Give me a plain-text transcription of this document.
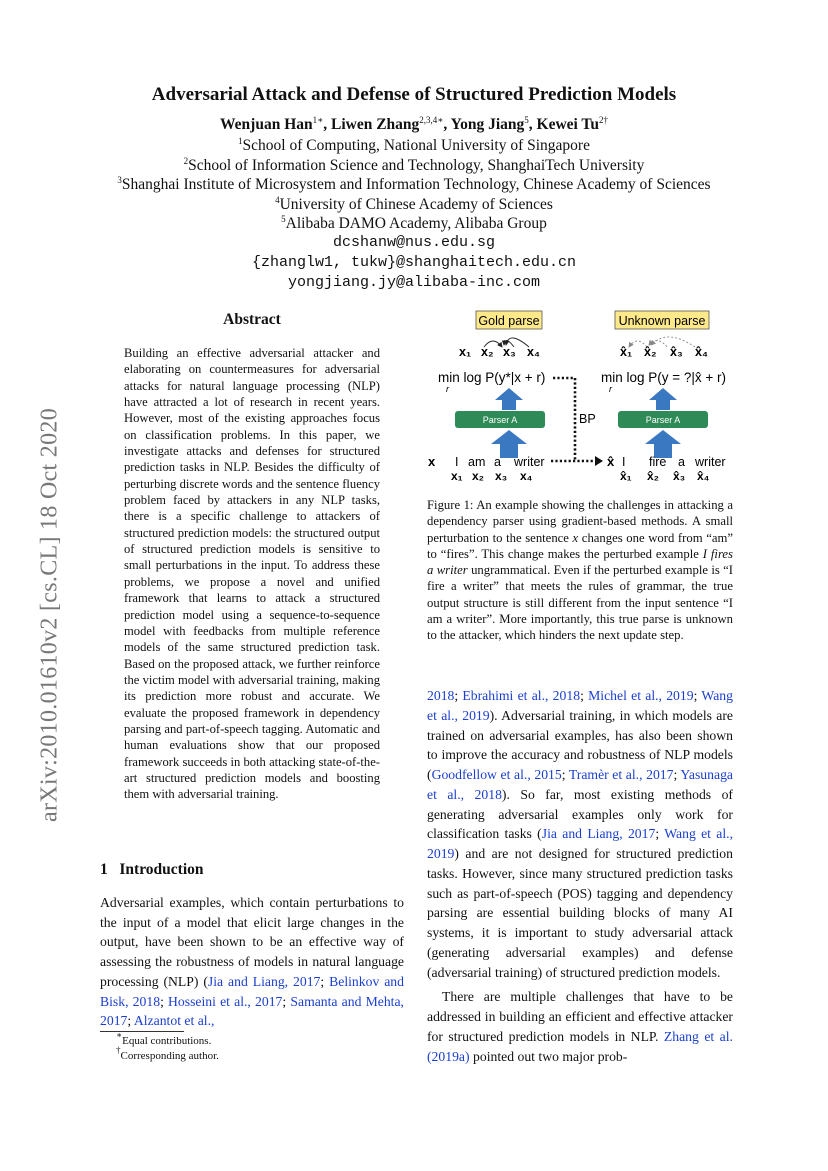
Adversarial Attack and Defense of Structured Prediction Models
Wenjuan Han$^{1∗}$, Liwen Zhang$^{2,3,4∗}$, Yong Jiang$^5$, Kewei $Tu^{2\dagger}$
$^1$School of Computing, National University of Singapore
$^2$School of Information Science and Technology, ShanghaiTech University
$^3$Shanghai Institute of Microsystem and Information Technology, Chinese Academy of Sciences
$^4$University of Chinese Academy of Sciences
$^5$Alibaba DAMO Academy, Alibaba Group
dcshanw@nus.edu.sg
{zhanglw1, tukw}@shanghaitech.edu.cn
yongjiang.jy@alibaba-inc.com
arXiv:2010.01610v2 [cs.CL] 18 Oct 2020
Abstract
Building an effective adversarial attacker and elaborating on countermeasures for adversarial attacks for natural language processing (NLP) have attracted a lot of research in recent years. However, most of the existing approaches focus on classification problems. In this paper, we investigate attacks and defenses for structured prediction tasks in NLP. Besides the difficulty of perturbing discrete words and the sentence fluency problem faced by attackers in any NLP tasks, there is a specific challenge to attackers of structured prediction models: the structured output of structured prediction models is sensitive to small perturbations in the input. To address these problems, we propose a novel and unified framework that learns to attack a structured prediction model using a sequence-to-sequence model with feedbacks from multiple reference models of the same structured prediction task. Based on the proposed attack, we further reinforce the victim model with adversarial training, making its prediction more robust and accurate. We evaluate the proposed framework in dependency parsing and part-of-speech tagging. Automatic and human evaluations show that our proposed framework succeeds in both attacking state-of-the-art structured prediction models and boosting them with adversarial training.
1 Introduction
Adversarial examples, which contain perturbations to the input of a model that elicit large changes in the output, have been shown to be an effective way of assessing the robustness of models in natural language processing (NLP) (Jia and Liang, 2017; Belinkov and Bisk, 2018; Hosseini et al., 2017; Samanta and Mehta, 2017; Alzantot et al.,
∗Equal contributions.
†Corresponding author.
Gold parse	Unknown parse
x₁ x₂ x₃ x₄	x̂₁ x̂₂ x̂₃ x̂₄
min log P(y*|x + r)
r
min log P(y = ?|x̂ + r)
r
BP
Parser A	Parser A
x I am a writer	x̂ I fire a writer
x₁ x₂ x₃ x₄	x̂₁ x̂₂ x̂₃ x̂₄
Figure 1: An example showing the challenges in attacking a dependency parser using gradient-based methods. A small perturbation to the sentence x changes one word from “am” to “fires”. This change makes the perturbed example I fires a writer ungrammatical. Even if the perturbed example is “I fire a writer” that meets the rules of grammar, the true output structure is still different from the input sentence “I am a writer”. More importantly, this true parse is unknown to the attacker, which hinders the next update step.

2018; Ebrahimi et al., 2018; Michel et al., 2019; Wang et al., 2019). Adversarial training, in which models are trained on adversarial examples, has also been shown to improve the accuracy and robustness of NLP models (Goodfellow et al., 2015; Tramèr et al., 2017; Yasunaga et al., 2018). So far, most existing methods of generating adversarial examples only work for classification tasks (Jia and Liang, 2017; Wang et al., 2019) and are not designed for structured prediction tasks. However, since many structured prediction tasks such as part-of-speech (POS) tagging and dependency parsing are essential building blocks of many AI systems, it is important to study adversarial attack (generating adversarial examples) and defense (adversarial training) of structured prediction models.

There are multiple challenges that have to be addressed in building an efficient and effective attacker for structured prediction models in NLP. Zhang et al. (2019a) pointed out two major prob-
